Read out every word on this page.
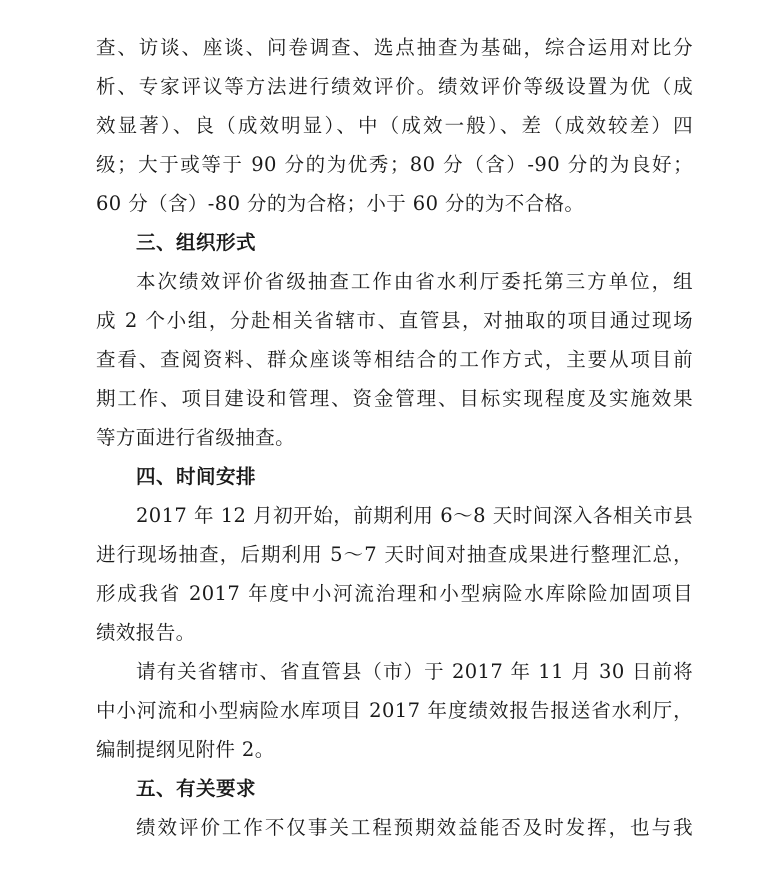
查、访谈、座谈、问卷调查、选点抽查为基础，综合运用对比分
析、专家评议等方法进行绩效评价。绩效评价等级设置为优（成
效显著）、良（成效明显）、中（成效一般）、差（成效较差）四
级；大于或等于 90 分的为优秀；80 分（含）-90 分的为良好；
60 分（含）-80 分的为合格；小于 60 分的为不合格。
三、组织形式
本次绩效评价省级抽查工作由省水利厅委托第三方单位，组
成 2 个小组，分赴相关省辖市、直管县，对抽取的项目通过现场
查看、查阅资料、群众座谈等相结合的工作方式，主要从项目前
期工作、项目建设和管理、资金管理、目标实现程度及实施效果
等方面进行省级抽查。
四、时间安排
2017 年 12 月初开始，前期利用 6～8 天时间深入各相关市县
进行现场抽查，后期利用 5～7 天时间对抽查成果进行整理汇总，
形成我省 2017 年度中小河流治理和小型病险水库除险加固项目
绩效报告。
请有关省辖市、省直管县（市）于 2017 年 11 月 30 日前将
中小河流和小型病险水库项目 2017 年度绩效报告报送省水利厅，
编制提纲见附件 2。
五、有关要求
绩效评价工作不仅事关工程预期效益能否及时发挥，也与我
